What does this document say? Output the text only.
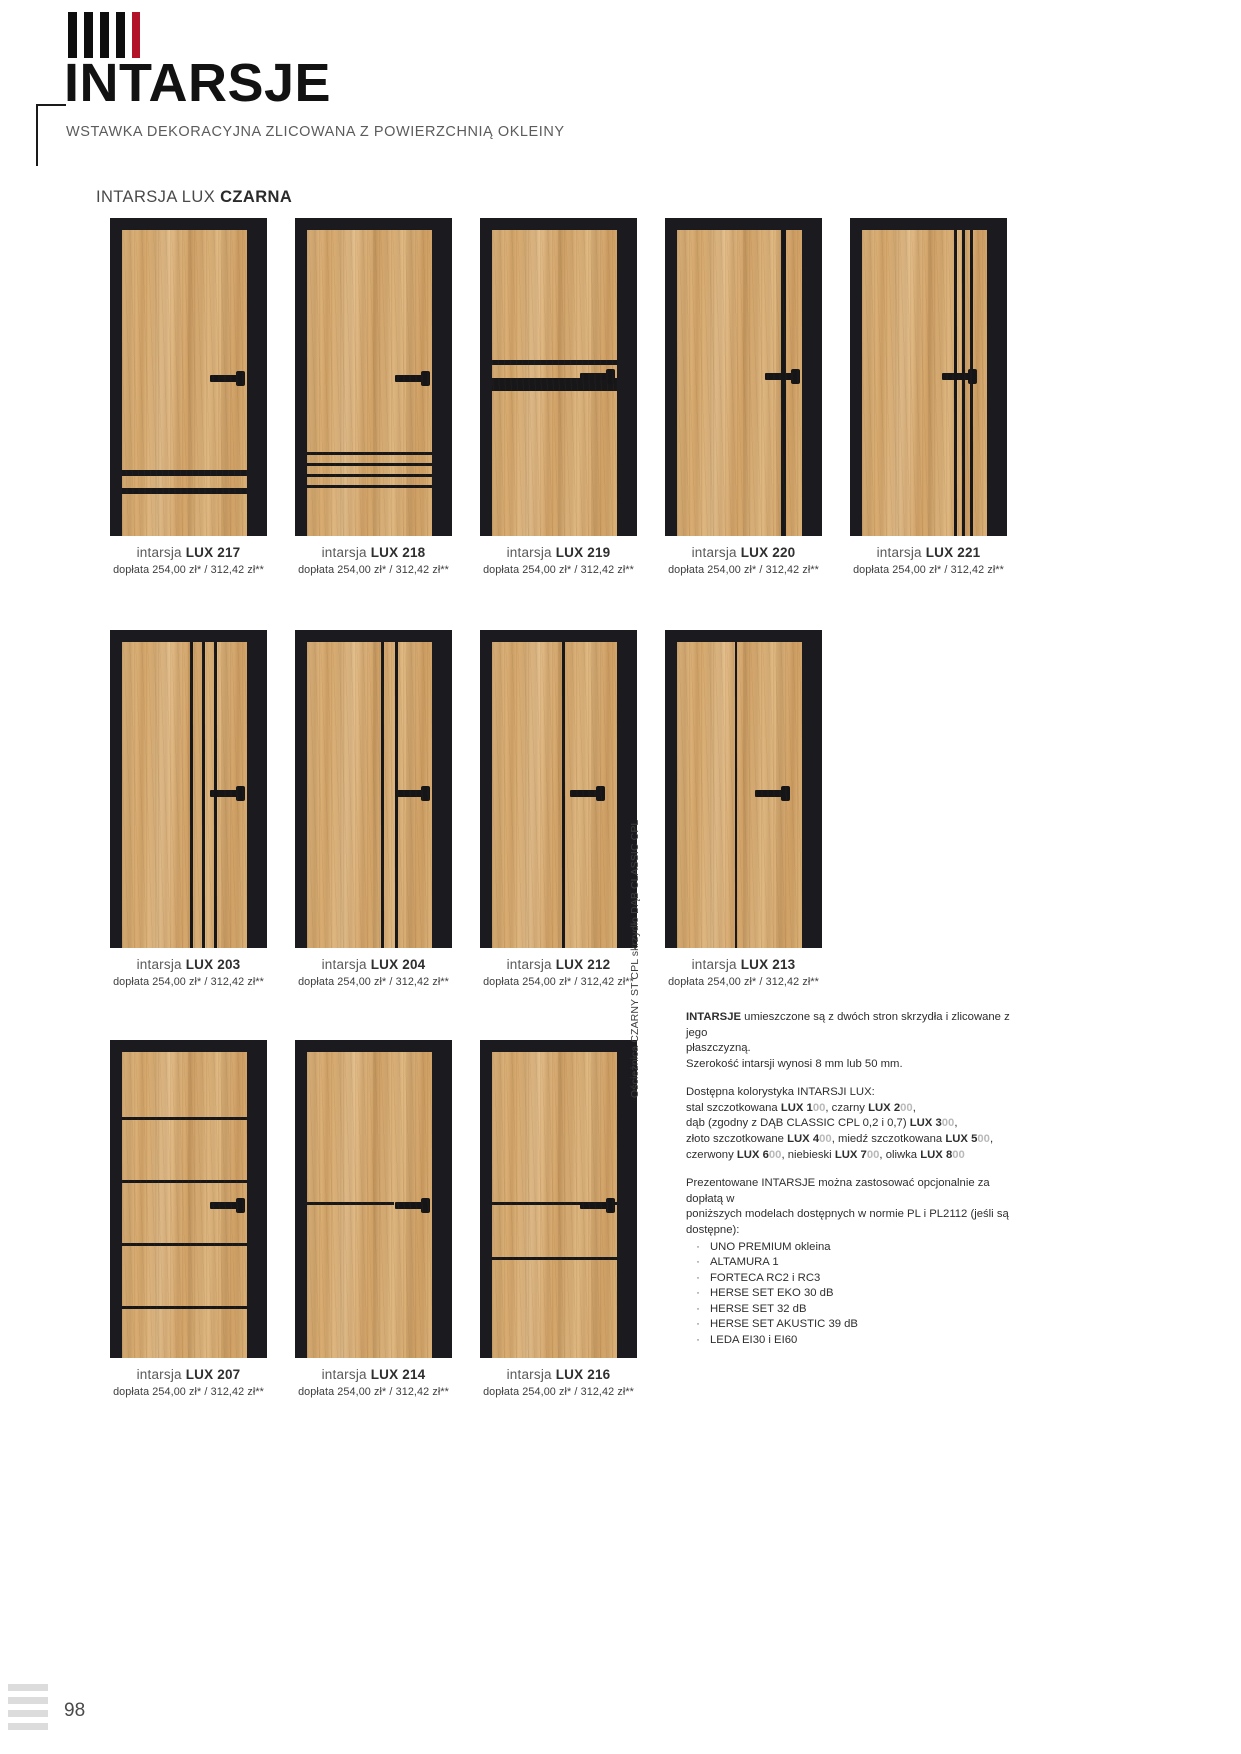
INTARSJE
WSTAWKA DEKORACYJNA ZLICOWANA Z POWIERZCHNIĄ OKLEINY
INTARSJA LUX CZARNA
intarsja LUX 217
dopłata 254,00 zł* / 312,42 zł**
intarsja LUX 218
dopłata 254,00 zł* / 312,42 zł**
intarsja LUX 219
dopłata 254,00 zł* / 312,42 zł**
intarsja LUX 220
dopłata 254,00 zł* / 312,42 zł**
intarsja LUX 221
dopłata 254,00 zł* / 312,42 zł**
intarsja LUX 203
dopłata 254,00 zł* / 312,42 zł**
intarsja LUX 204
dopłata 254,00 zł* / 312,42 zł**
intarsja LUX 212
dopłata 254,00 zł* / 312,42 zł**
intarsja LUX 213
dopłata 254,00 zł* / 312,42 zł**
intarsja LUX 207
dopłata 254,00 zł* / 312,42 zł**
intarsja LUX 214
dopłata 254,00 zł* / 312,42 zł**
intarsja LUX 216
dopłata 254,00 zł* / 312,42 zł**
Ościeżnica CZARNY ST CPL skrzydło DĄB CLASSIC CPL	INTARSJE umieszczone są z dwóch stron skrzydła i zlicowane z jego

płaszczyzną.

Szerokość intarsji wynosi 8 mm lub 50 mm.

Dostępna kolorystyka INTARSJI LUX:

stal szczotkowana LUX 100, czarny LUX 200,

dąb (zgodny z DĄB CLASSIC CPL 0,2 i 0,7) LUX 300,

złoto szczotkowane LUX 400, miedź szczotkowana LUX 500,

czerwony LUX 600, niebieski LUX 700, oliwka LUX 800

Prezentowane INTARSJE można zastosować opcjonalnie za dopłatą w

poniższych modelach dostępnych w normie PL i PL2112 (jeśli są dostępne):

· UNO PREMIUM okleina
· ALTAMURA 1
· FORTECA RC2 i RC3
· HERSE SET EKO 30 dB
· HERSE SET 32 dB
· HERSE SET AKUSTIC 39 dB
· LEDA EI30 i EI60
98
